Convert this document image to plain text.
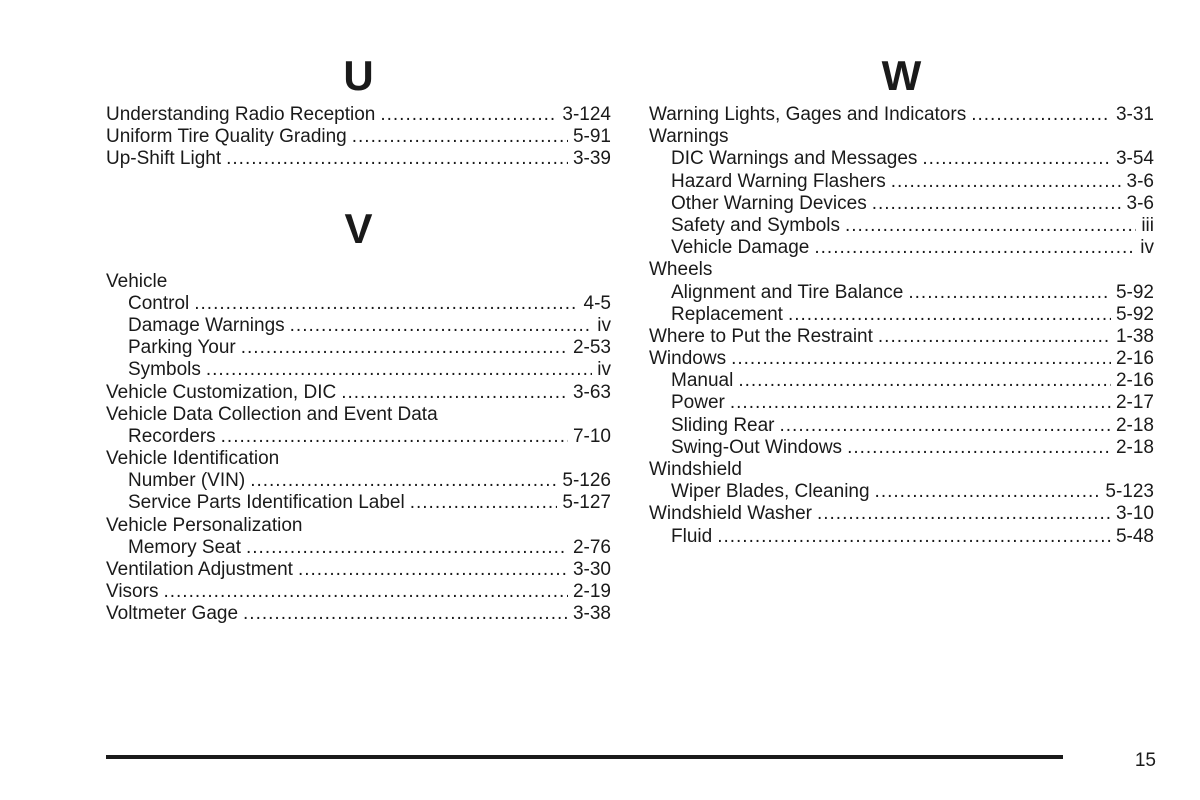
U
Understanding Radio Reception .....	3-124
Uniform Tire Quality Grading .....	5-91
Up-Shift Light .....	3-39
V
Vehicle
Control .....	4-5
Damage Warnings .....	iv
Parking Your .....	2-53
Symbols .....	iv
Vehicle Customization, DIC .....	3-63
Vehicle Data Collection and Event Data
Recorders .....	7-10
Vehicle Identification
Number (VIN) .....	5-126
Service Parts Identification Label .....	5-127
Vehicle Personalization
Memory Seat .....	2-76
Ventilation Adjustment .....	3-30
Visors .....	2-19
Voltmeter Gage .....	3-38
W
Warning Lights, Gages and Indicators .....	3-31
Warnings
DIC Warnings and Messages .....	3-54
Hazard Warning Flashers .....	3-6
Other Warning Devices .....	3-6
Safety and Symbols .....	iii
Vehicle Damage .....	iv
Wheels
Alignment and Tire Balance .....	5-92
Replacement .....	5-92
Where to Put the Restraint .....	1-38
Windows .....	2-16
Manual .....	2-16
Power .....	2-17
Sliding Rear .....	2-18
Swing-Out Windows .....	2-18
Windshield
Wiper Blades, Cleaning .....	5-123
Windshield Washer .....	3-10
Fluid .....	5-48
15
